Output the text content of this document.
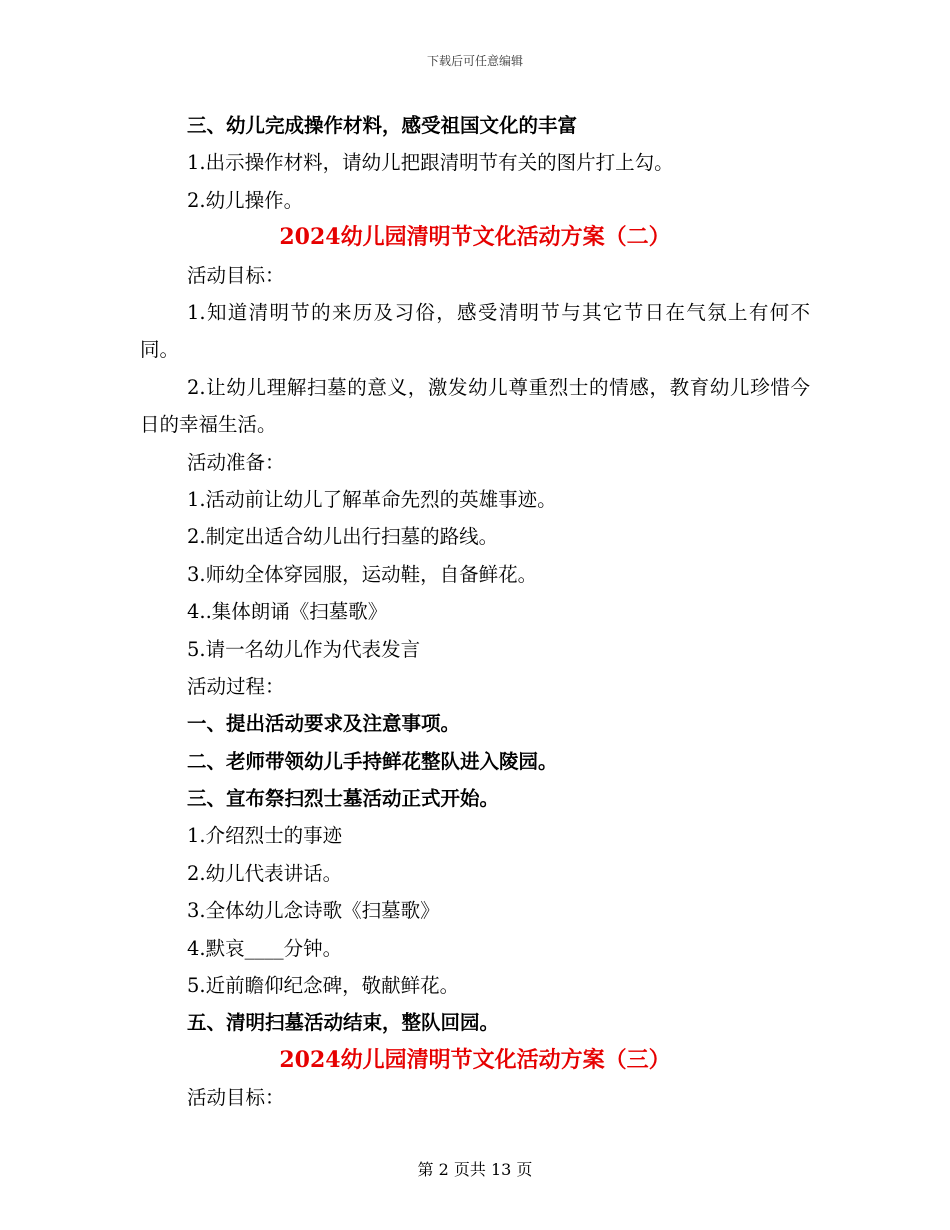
下载后可任意编辑
三、幼儿完成操作材料，感受祖国文化的丰富
1.出示操作材料，请幼儿把跟清明节有关的图片打上勾。
2.幼儿操作。
2024幼儿园清明节文化活动方案（二）
活动目标：
1.知道清明节的来历及习俗，感受清明节与其它节日在气氛上有何不同。
2.让幼儿理解扫墓的意义，激发幼儿尊重烈士的情感，教育幼儿珍惜今日的幸福生活。
活动准备：
1.活动前让幼儿了解革命先烈的英雄事迹。
2.制定出适合幼儿出行扫墓的路线。
3.师幼全体穿园服，运动鞋，自备鲜花。
4..集体朗诵《扫墓歌》
5.请一名幼儿作为代表发言
活动过程：
一、提出活动要求及注意事项。
二、老师带领幼儿手持鲜花整队进入陵园。
三、宣布祭扫烈士墓活动正式开始。
1.介绍烈士的事迹
2.幼儿代表讲话。
3.全体幼儿念诗歌《扫墓歌》
4.默哀____分钟。
5.近前瞻仰纪念碑，敬献鲜花。
五、清明扫墓活动结束，整队回园。
2024幼儿园清明节文化活动方案（三）
活动目标：
第 2 页共 13 页
